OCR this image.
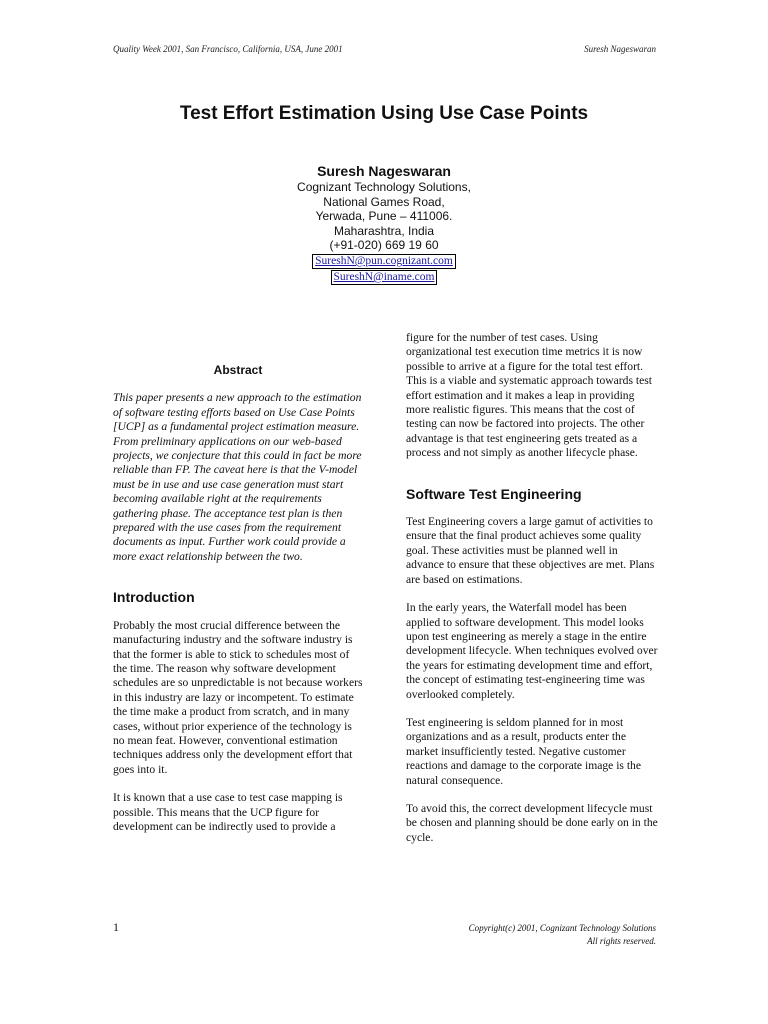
Quality Week 2001, San Francisco, California, USA, June 2001	Suresh Nageswaran
Test Effort Estimation Using Use Case Points
Suresh Nageswaran
Cognizant Technology Solutions,
National Games Road,
Yerwada, Pune – 411006.
Maharashtra, India
(+91-020) 669 19 60
SureshN@pun.cognizant.com
SureshN@iname.com
Abstract

This paper presents a new approach to the estimation of software testing efforts based on Use Case Points [UCP] as a fundamental project estimation measure. From preliminary applications on our web-based projects, we conjecture that this could in fact be more reliable than FP. The caveat here is that the V-model must be in use and use case generation must start becoming available right at the requirements gathering phase. The acceptance test plan is then prepared with the use cases from the requirement documents as input. Further work could provide a more exact relationship between the two.

Introduction

Probably the most crucial difference between the manufacturing industry and the software industry is that the former is able to stick to schedules most of the time. The reason why software development schedules are so unpredictable is not because workers in this industry are lazy or incompetent. To estimate the time make a product from scratch, and in many cases, without prior experience of the technology is no mean feat. However, conventional estimation techniques address only the development effort that goes into it.

It is known that a use case to test case mapping is possible. This means that the UCP figure for development can be indirectly used to provide a

figure for the number of test cases. Using organizational test execution time metrics it is now possible to arrive at a figure for the total test effort. This is a viable and systematic approach towards test effort estimation and it makes a leap in providing more realistic figures. This means that the cost of testing can now be factored into projects. The other advantage is that test engineering gets treated as a process and not simply as another lifecycle phase.

Software Test Engineering

Test Engineering covers a large gamut of activities to ensure that the final product achieves some quality goal. These activities must be planned well in advance to ensure that these objectives are met. Plans are based on estimations.

In the early years, the Waterfall model has been applied to software development. This model looks upon test engineering as merely a stage in the entire development lifecycle. When techniques evolved over the years for estimating development time and effort, the concept of estimating test-engineering time was overlooked completely.

Test engineering is seldom planned for in most organizations and as a result, products enter the market insufficiently tested. Negative customer reactions and damage to the corporate image is the natural consequence.

To avoid this, the correct development lifecycle must be chosen and planning should be done early on in the cycle.

1	Copyright(c) 2001, Cognizant Technology Solutions
All rights reserved.
